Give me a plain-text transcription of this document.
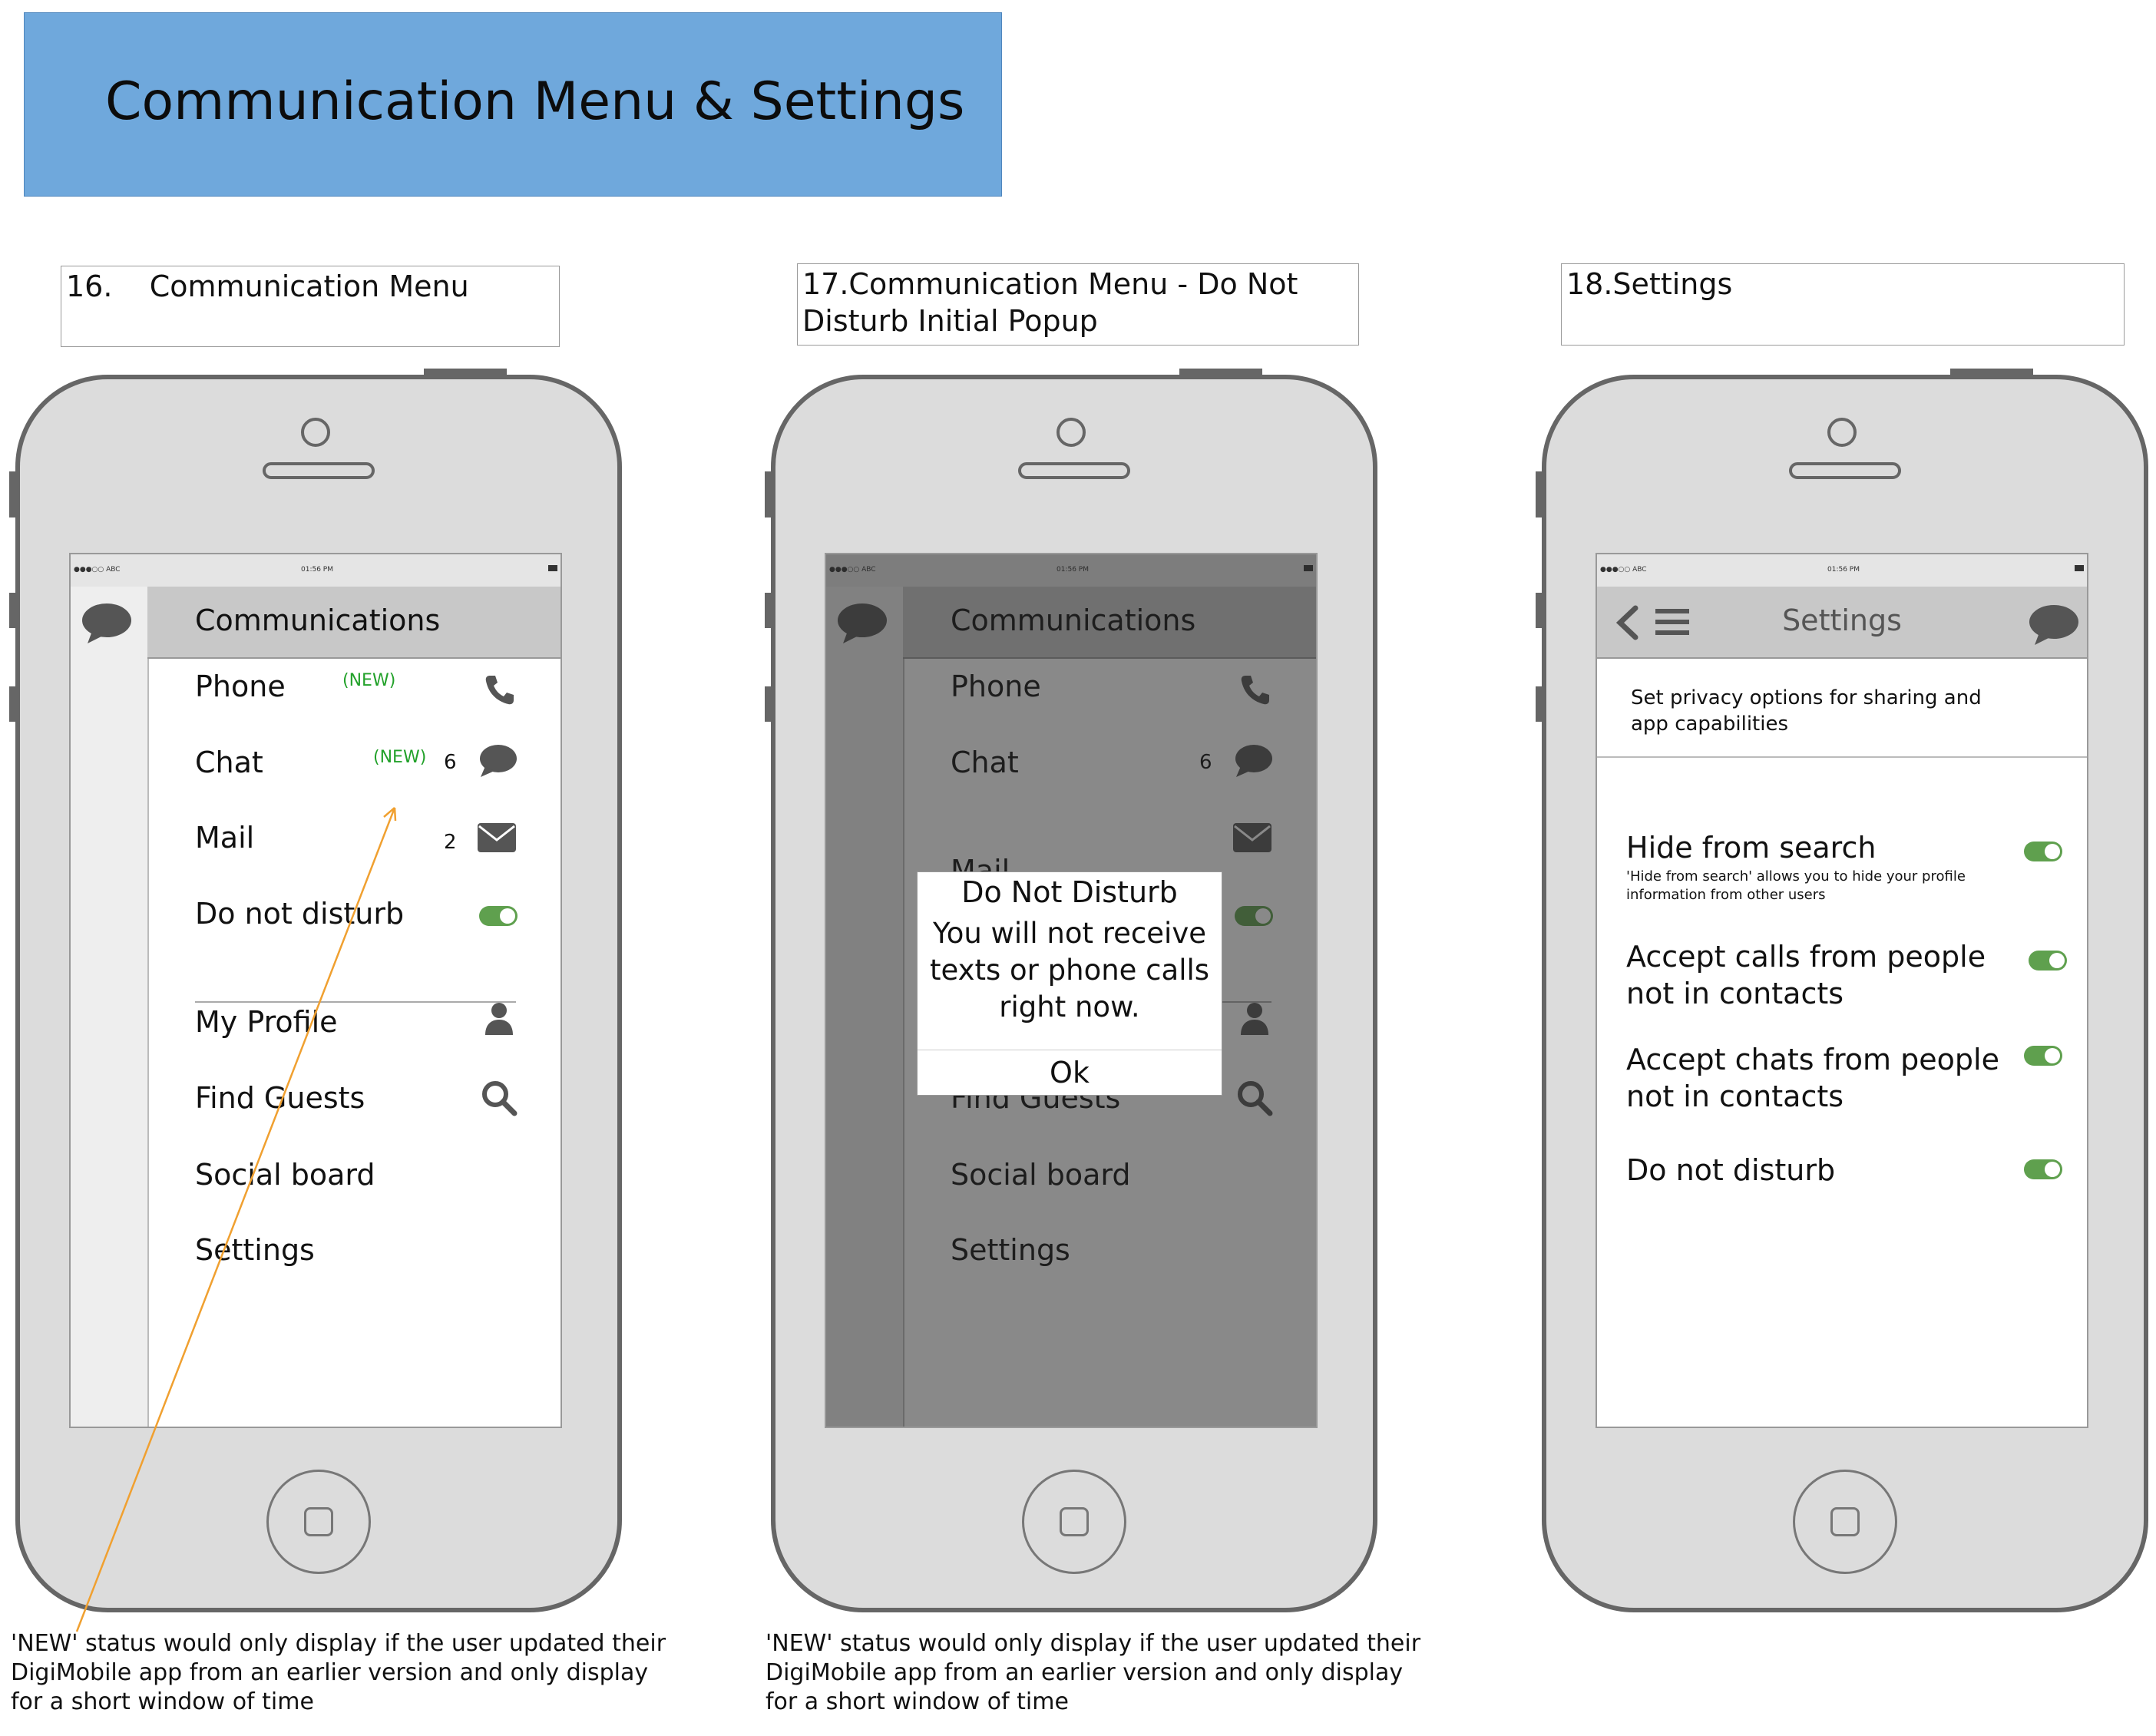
Communication Menu & Settings
16.    Communication Menu	17.Communication Menu - Do Not
Disturb Initial Popup
18.Settings
●●●○○ ABC	01:56 PM
Communications
Phone	(NEW)
Chat	(NEW) 6
Mail	2
Do not disturb
My Profile
Find Guests
Social board
Settings
Do Not Disturb
You will not receive
texts or phone calls
right now.
Ok
●●●○○ ABC	01:56 PM
Settings
Set privacy options for sharing and
app capabilities
Hide from search
'Hide from search' allows you to hide your profile
information from other users
Accept calls from people
not in contacts
Accept chats from people
not in contacts
Do not disturb
'NEW' status would only display if the user updated their
DigiMobile app from an earlier version and only display
for a short window of time
'NEW' status would only display if the user updated their
DigiMobile app from an earlier version and only display
for a short window of time
